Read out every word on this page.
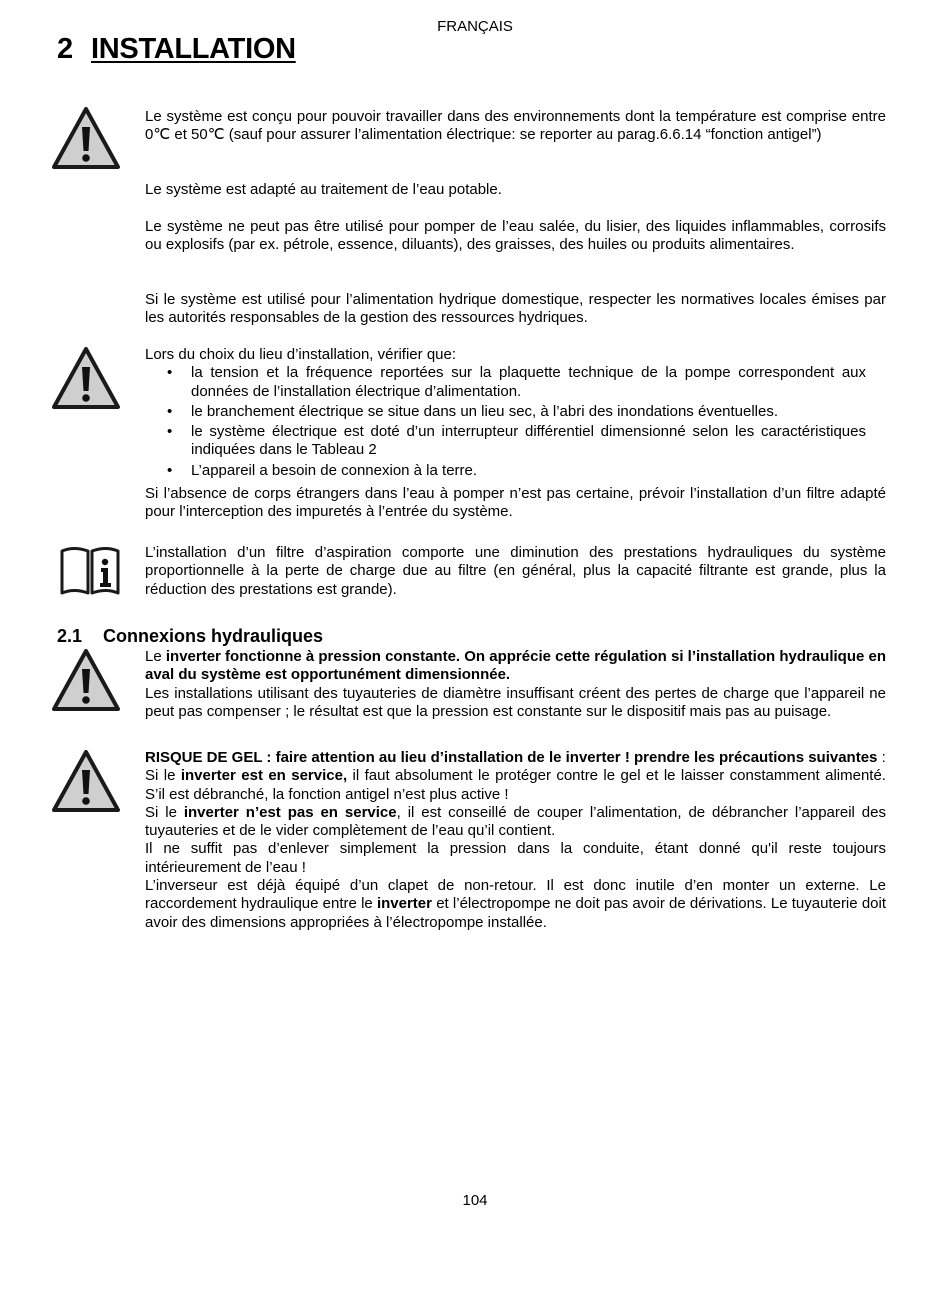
FRANÇAIS
2 INSTALLATION
Le système est conçu pour pouvoir travailler dans des environnements dont la température est comprise entre 0℃ et 50℃ (sauf pour assurer l’alimentation électrique: se reporter au parag.6.6.14 “fonction antigel”)
Le système est adapté au traitement de l’eau potable.
Le système ne peut pas être utilisé pour pomper de l’eau salée, du lisier, des liquides inflammables, corrosifs ou explosifs (par ex. pétrole, essence, diluants), des graisses, des huiles ou produits alimentaires.
Si le système est utilisé pour l’alimentation hydrique domestique, respecter les normatives locales émises par les autorités responsables de la gestion des ressources hydriques.
Lors du choix du lieu d’installation, vérifier que:
• la tension et la fréquence reportées sur la plaquette technique de la pompe correspondent aux données de l’installation électrique d’alimentation.
• le branchement électrique se situe dans un lieu sec, à l’abri des inondations éventuelles.
• le système électrique est doté d’un interrupteur différentiel dimensionné selon les caractéristiques indiquées dans le Tableau 2
• L’appareil a besoin de connexion à la terre.
Si l’absence de corps étrangers dans l’eau à pomper n’est pas certaine, prévoir l’installation d’un filtre adapté pour l’interception des impuretés à l’entrée du système.
L’installation d’un filtre d’aspiration comporte une diminution des prestations hydrauliques du système proportionnelle à la perte de charge due au filtre (en général, plus la capacité filtrante est grande, plus la réduction des prestations est grande).
2.1 Connexions hydrauliques
Le inverter fonctionne à pression constante. On apprécie cette régulation si l’installation hydraulique en aval du système est opportunément dimensionnée.
Les installations utilisant des tuyauteries de diamètre insuffisant créent des pertes de charge que l’appareil ne peut pas compenser ; le résultat est que la pression est constante sur le dispositif mais pas au puisage.
RISQUE DE GEL : faire attention au lieu d’installation de le inverter ! prendre les précautions suivantes :
Si le inverter est en service, il faut absolument le protéger contre le gel et le laisser constamment alimenté. S’il est débranché, la fonction antigel n’est plus active !
Si le inverter n’est pas en service, il est conseillé de couper l’alimentation, de débrancher l’appareil des tuyauteries et de le vider complètement de l’eau qu’il contient.
Il ne suffit pas d’enlever simplement la pression dans la conduite, étant donné qu'il reste toujours intérieurement de l’eau !
L’inverseur est déjà équipé d’un clapet de non-retour. Il est donc inutile d’en monter un externe. Le raccordement hydraulique entre le inverter et l’électropompe ne doit pas avoir de dérivations. Le tuyauterie doit avoir des dimensions appropriées à l’électropompe installée.
104
